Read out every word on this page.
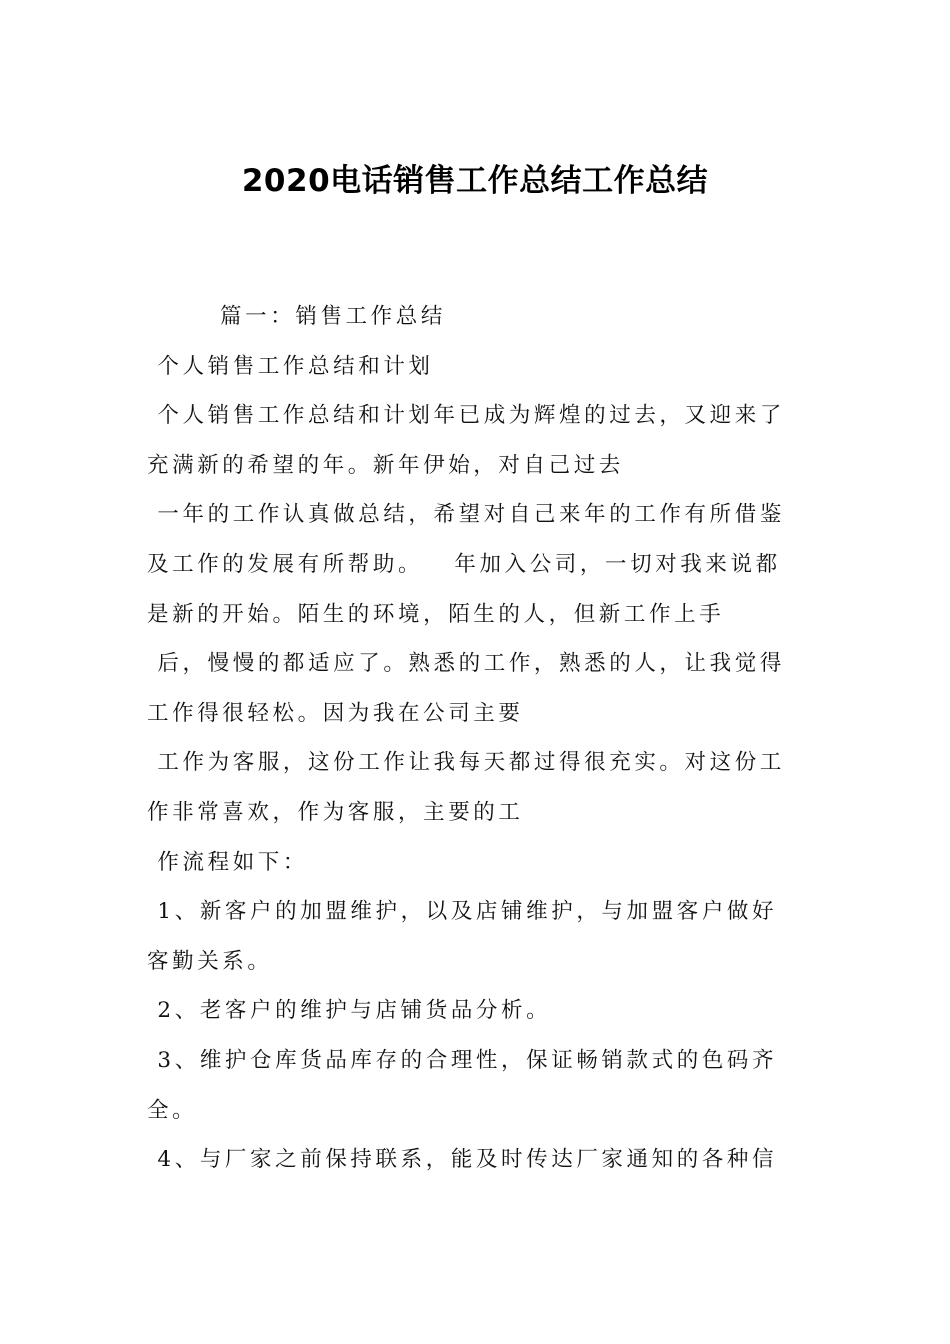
2020电话销售工作总结工作总结
篇一：销售工作总结
个人销售工作总结和计划
个人销售工作总结和计划年已成为辉煌的过去，又迎来了
充满新的希望的年。新年伊始，对自己过去
一年的工作认真做总结，希望对自己来年的工作有所借鉴
及工作的发展有所帮助。   年加入公司，一切对我来说都
是新的开始。陌生的环境，陌生的人，但新工作上手
后，慢慢的都适应了。熟悉的工作，熟悉的人，让我觉得
工作得很轻松。因为我在公司主要
工作为客服，这份工作让我每天都过得很充实。对这份工
作非常喜欢，作为客服，主要的工
作流程如下：
1、新客户的加盟维护，以及店铺维护，与加盟客户做好
客勤关系。
2、老客户的维护与店铺货品分析。
3、维护仓库货品库存的合理性，保证畅销款式的色码齐
全。
4、与厂家之前保持联系，能及时传达厂家通知的各种信
